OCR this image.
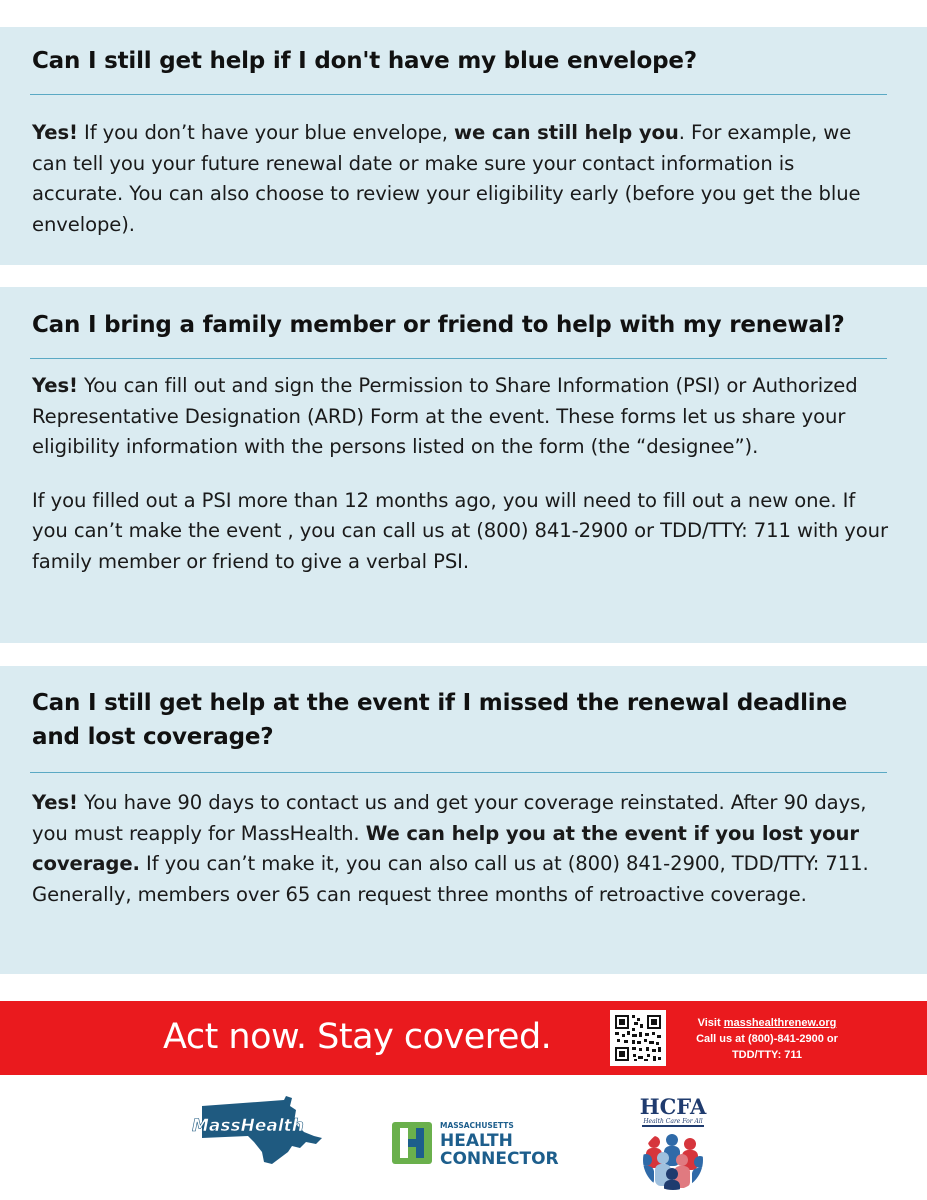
Can I still get help if I don't have my blue envelope?

Yes! If you don’t have your blue envelope, we can still help you. For example, we can tell you your future renewal date or make sure your contact information is accurate. You can also choose to review your eligibility early (before you get the blue envelope).

Can I bring a family member or friend to help with my renewal?

Yes! You can fill out and sign the Permission to Share Information (PSI) or Authorized Representative Designation (ARD) Form at the event. These forms let us share your eligibility information with the persons listed on the form (the “designee”).

If you filled out a PSI more than 12 months ago, you will need to fill out a new one. If you can’t make the event , you can call us at (800) 841-2900 or TDD/TTY: 711 with your family member or friend to give a verbal PSI.

Can I still get help at the event if I missed the renewal deadline and lost coverage?

Yes! You have 90 days to contact us and get your coverage reinstated. After 90 days, you must reapply for MassHealth. We can help you at the event if you lost your coverage. If you can’t make it, you can also call us at (800) 841-2900, TDD/TTY: 711. Generally, members over 65 can request three months of retroactive coverage.

Act now. Stay covered.	Visit masshealthrenew.org
Call us at (800)-841-2900 or
TDD/TTY: 711
MassHealth	MASSACHUSETTS
HEALTH
CONNECTOR
HCFA
Health Care For All
